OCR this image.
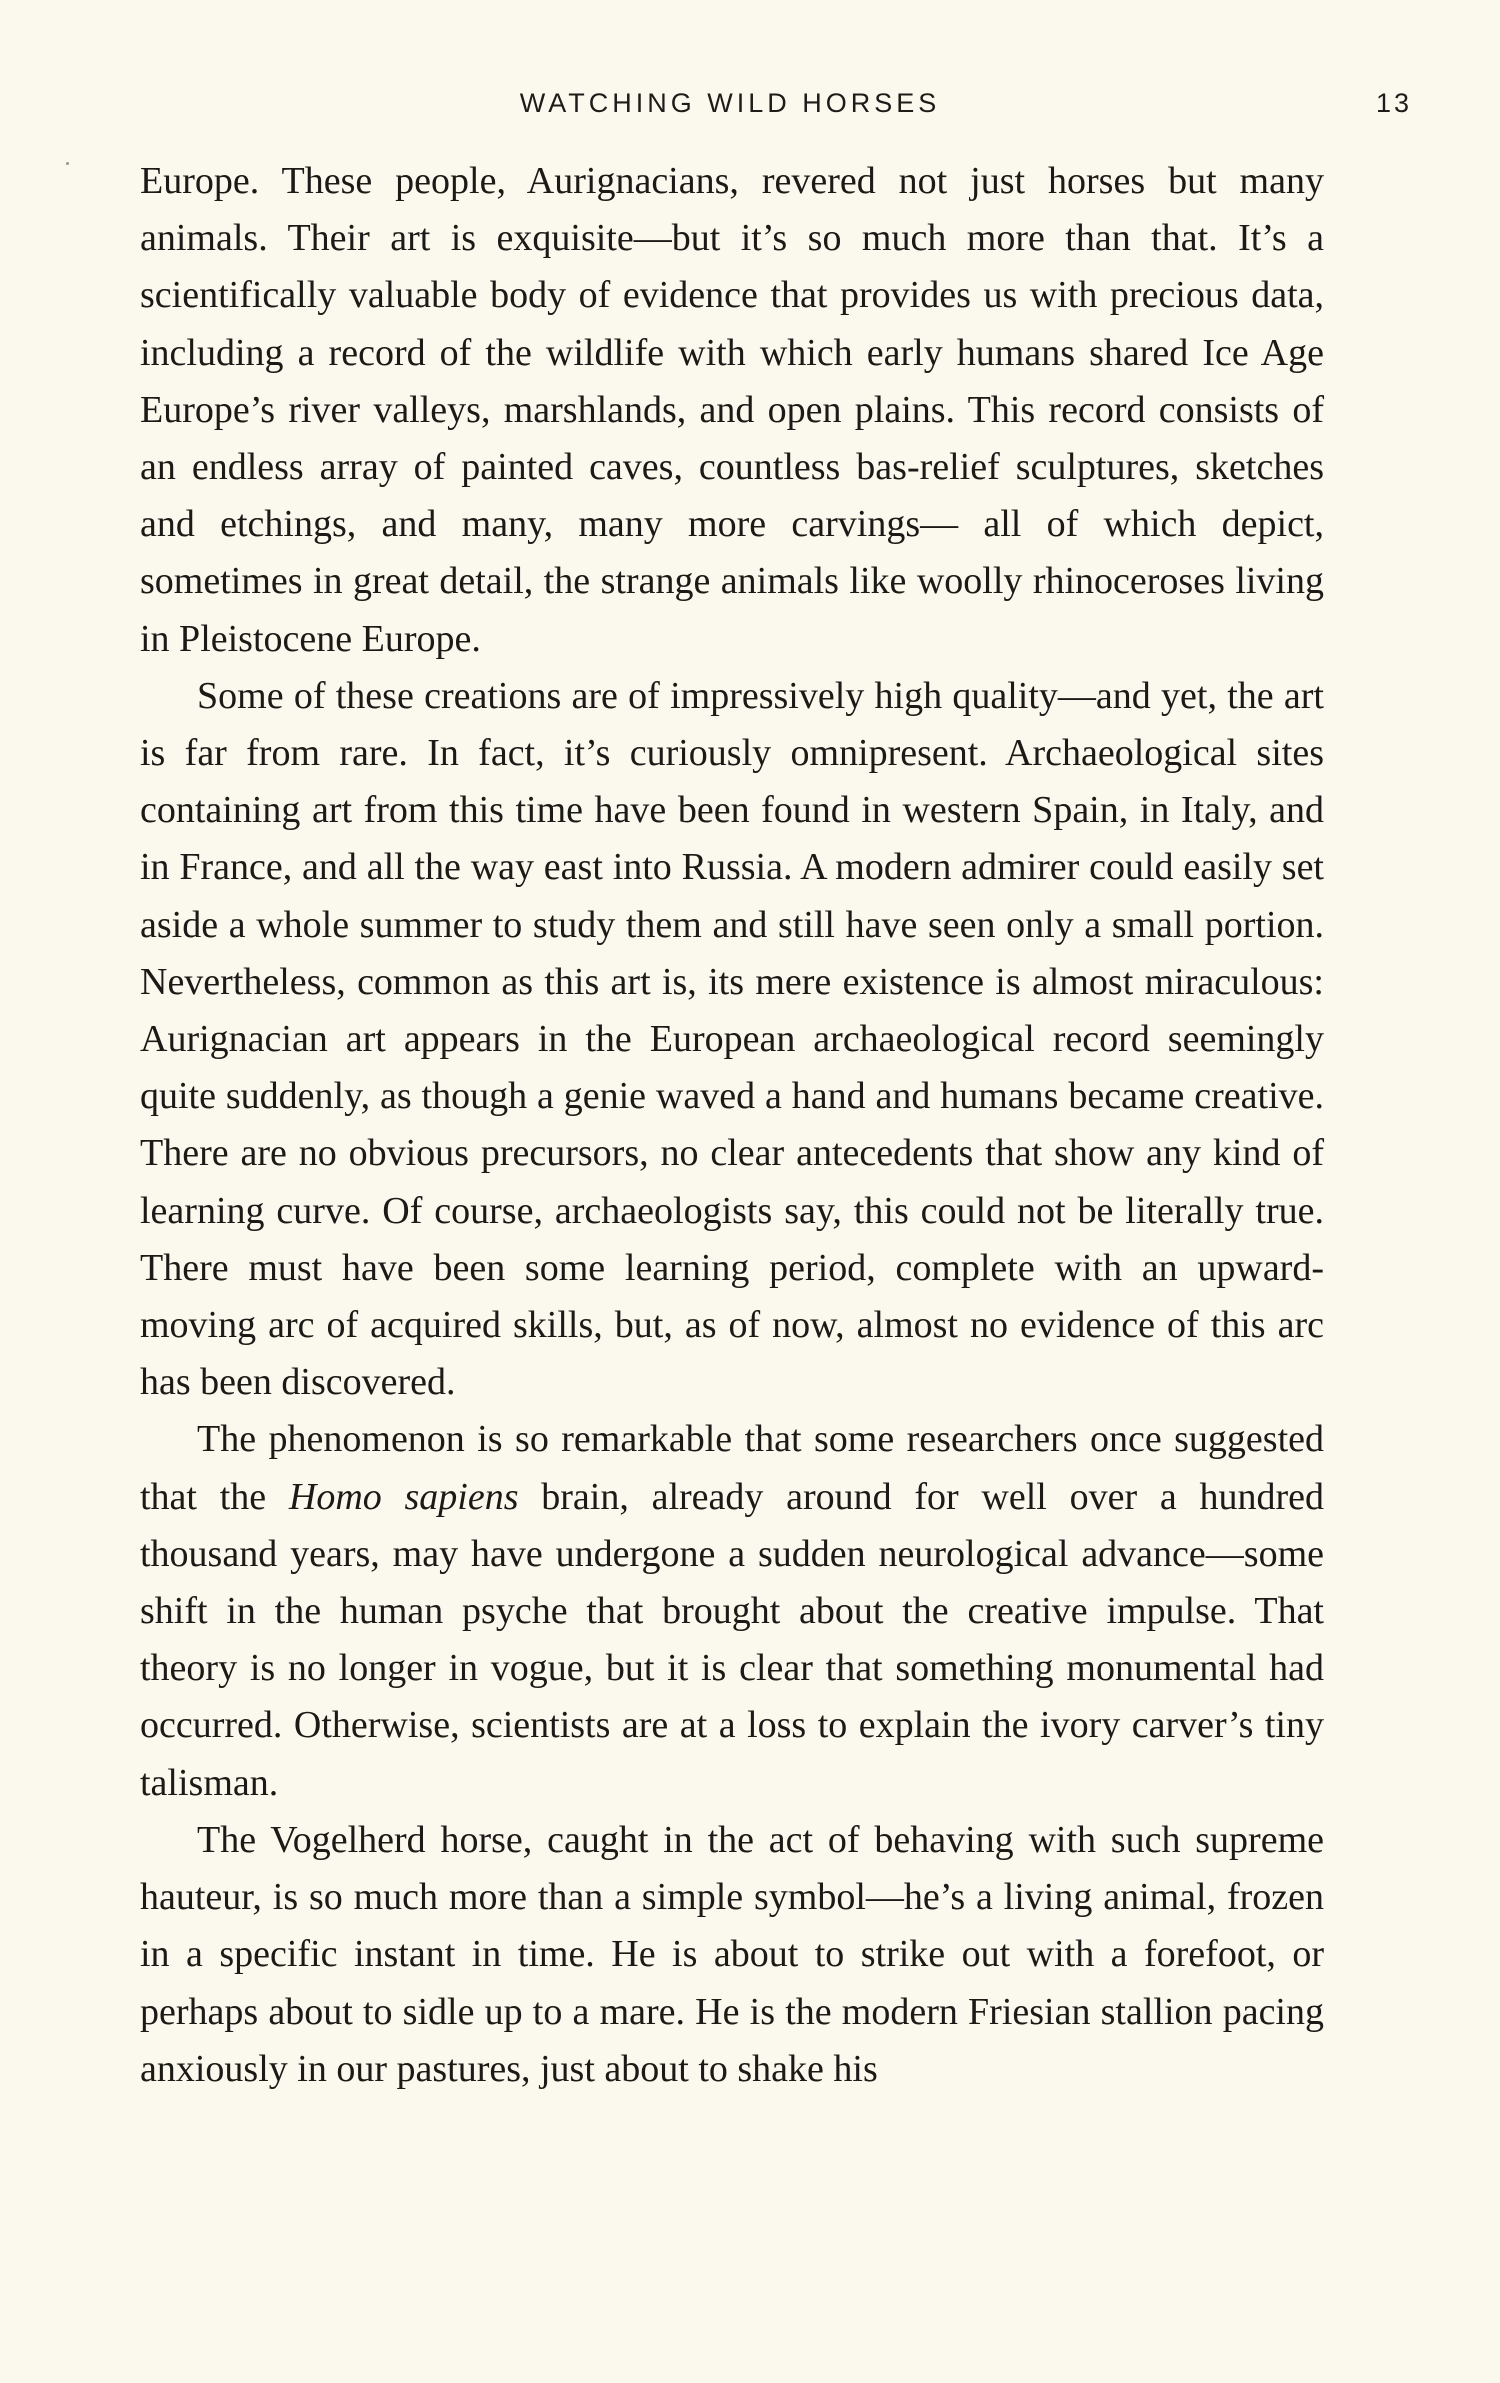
WATCHING WILD HORSES	13

Europe. These people, Aurignacians, revered not just horses but many animals. Their art is exquisite—but it’s so much more than that. It’s a scientifically valuable body of evidence that provides us with precious data, including a record of the wildlife with which early humans shared Ice Age Europe’s river valleys, marshlands, and open plains. This record consists of an endless array of painted caves, countless bas-relief sculptures, sketches and etchings, and many, many more carvings— all of which depict, sometimes in great detail, the strange animals like woolly rhinoceroses living in Pleistocene Europe.

Some of these creations are of impressively high quality—and yet, the art is far from rare. In fact, it’s curiously omnipresent. Archaeological sites containing art from this time have been found in western Spain, in Italy, and in France, and all the way east into Russia. A modern admirer could easily set aside a whole summer to study them and still have seen only a small portion. Nevertheless, common as this art is, its mere existence is almost miraculous: Aurignacian art appears in the European archaeological record seemingly quite suddenly, as though a genie waved a hand and humans became creative. There are no obvious precursors, no clear antecedents that show any kind of learning curve. Of course, archaeologists say, this could not be literally true. There must have been some learning period, complete with an upward-moving arc of acquired skills, but, as of now, almost no evidence of this arc has been discovered.

The phenomenon is so remarkable that some researchers once suggested that the Homo sapiens brain, already around for well over a hundred thousand years, may have undergone a sudden neurological advance—some shift in the human psyche that brought about the creative impulse. That theory is no longer in vogue, but it is clear that something monumental had occurred. Otherwise, scientists are at a loss to explain the ivory carver’s tiny talisman.

The Vogelherd horse, caught in the act of behaving with such supreme hauteur, is so much more than a simple symbol—he’s a living animal, frozen in a specific instant in time. He is about to strike out with a forefoot, or perhaps about to sidle up to a mare. He is the modern Friesian stallion pacing anxiously in our pastures, just about to shake his
